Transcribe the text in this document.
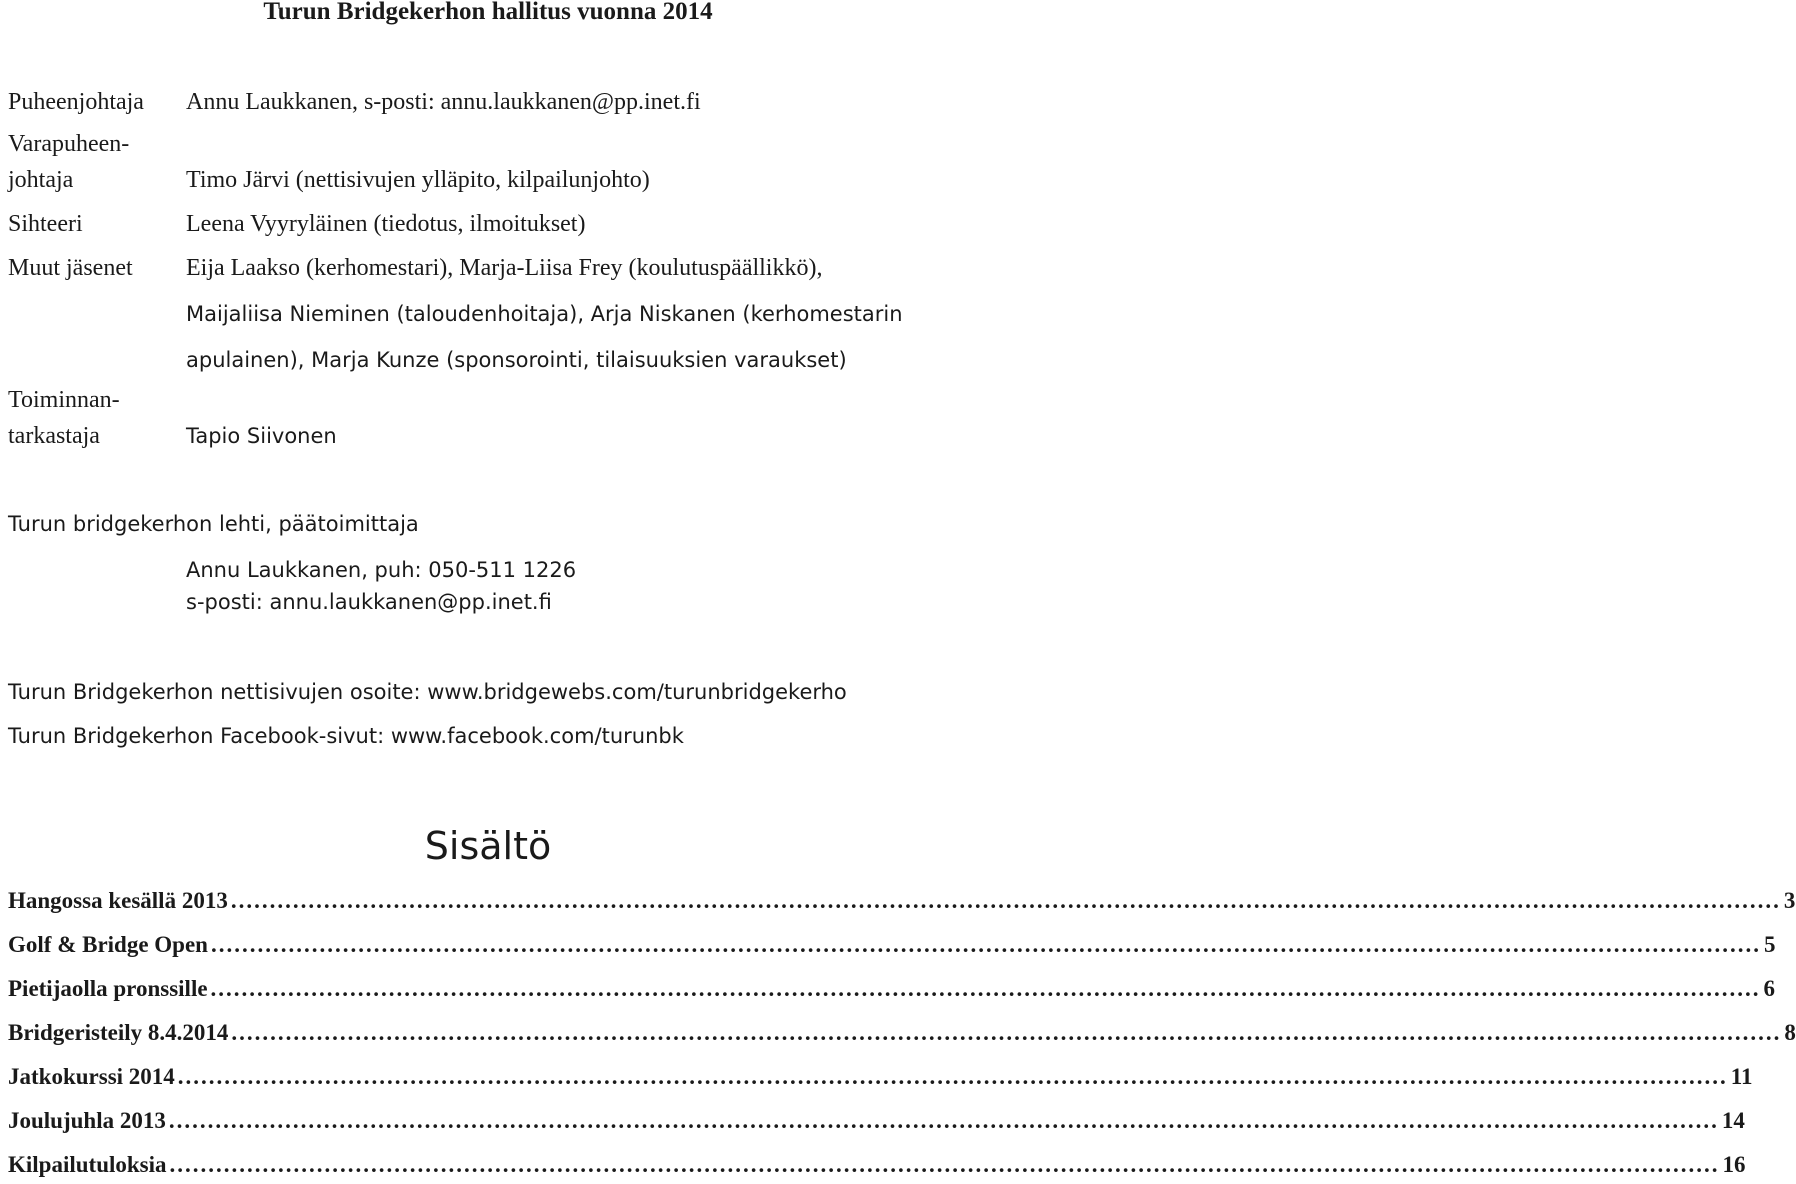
Turun Bridgekerhon hallitus vuonna 2014
Puheenjohtaja Annu Laukkanen, s-posti: annu.laukkanen@pp.inet.fi
Varapuheen-
johtaja	Timo Järvi (nettisivujen ylläpito, kilpailunjohto)
Sihteeri	Leena Vyyryläinen (tiedotus, ilmoitukset)
Muut jäsenet Eija Laakso (kerhomestari), Marja-Liisa Frey (koulutuspäällikkö),
Maijaliisa Nieminen (taloudenhoitaja), Arja Niskanen (kerhomestarin
apulainen), Marja Kunze (sponsorointi, tilaisuuksien varaukset)
Toiminnan-
tarkastaja	Tapio Siivonen
Turun bridgekerhon lehti, päätoimittaja
Annu Laukkanen, puh: 050-511 1226
s-posti: annu.laukkanen@pp.inet.fi
Turun Bridgekerhon nettisivujen osoite: www.bridgewebs.com/turunbridgekerho
Turun Bridgekerhon Facebook-sivut: www.facebook.com/turunbk
Sisältö
Hangossa kesällä 2013 ........................................................................................................................................................................................................ 3
Golf & Bridge Open ........................................................................................................................................................................................................ 5
Pietijaolla pronssille ........................................................................................................................................................................................................ 6
Bridgeristeily 8.4.2014 ........................................................................................................................................................................................................ 8
Jatkokurssi 2014 ........................................................................................................................................................................................................ 11
Joulujuhla 2013 ........................................................................................................................................................................................................ 14
Kilpailutuloksia ........................................................................................................................................................................................................ 16
